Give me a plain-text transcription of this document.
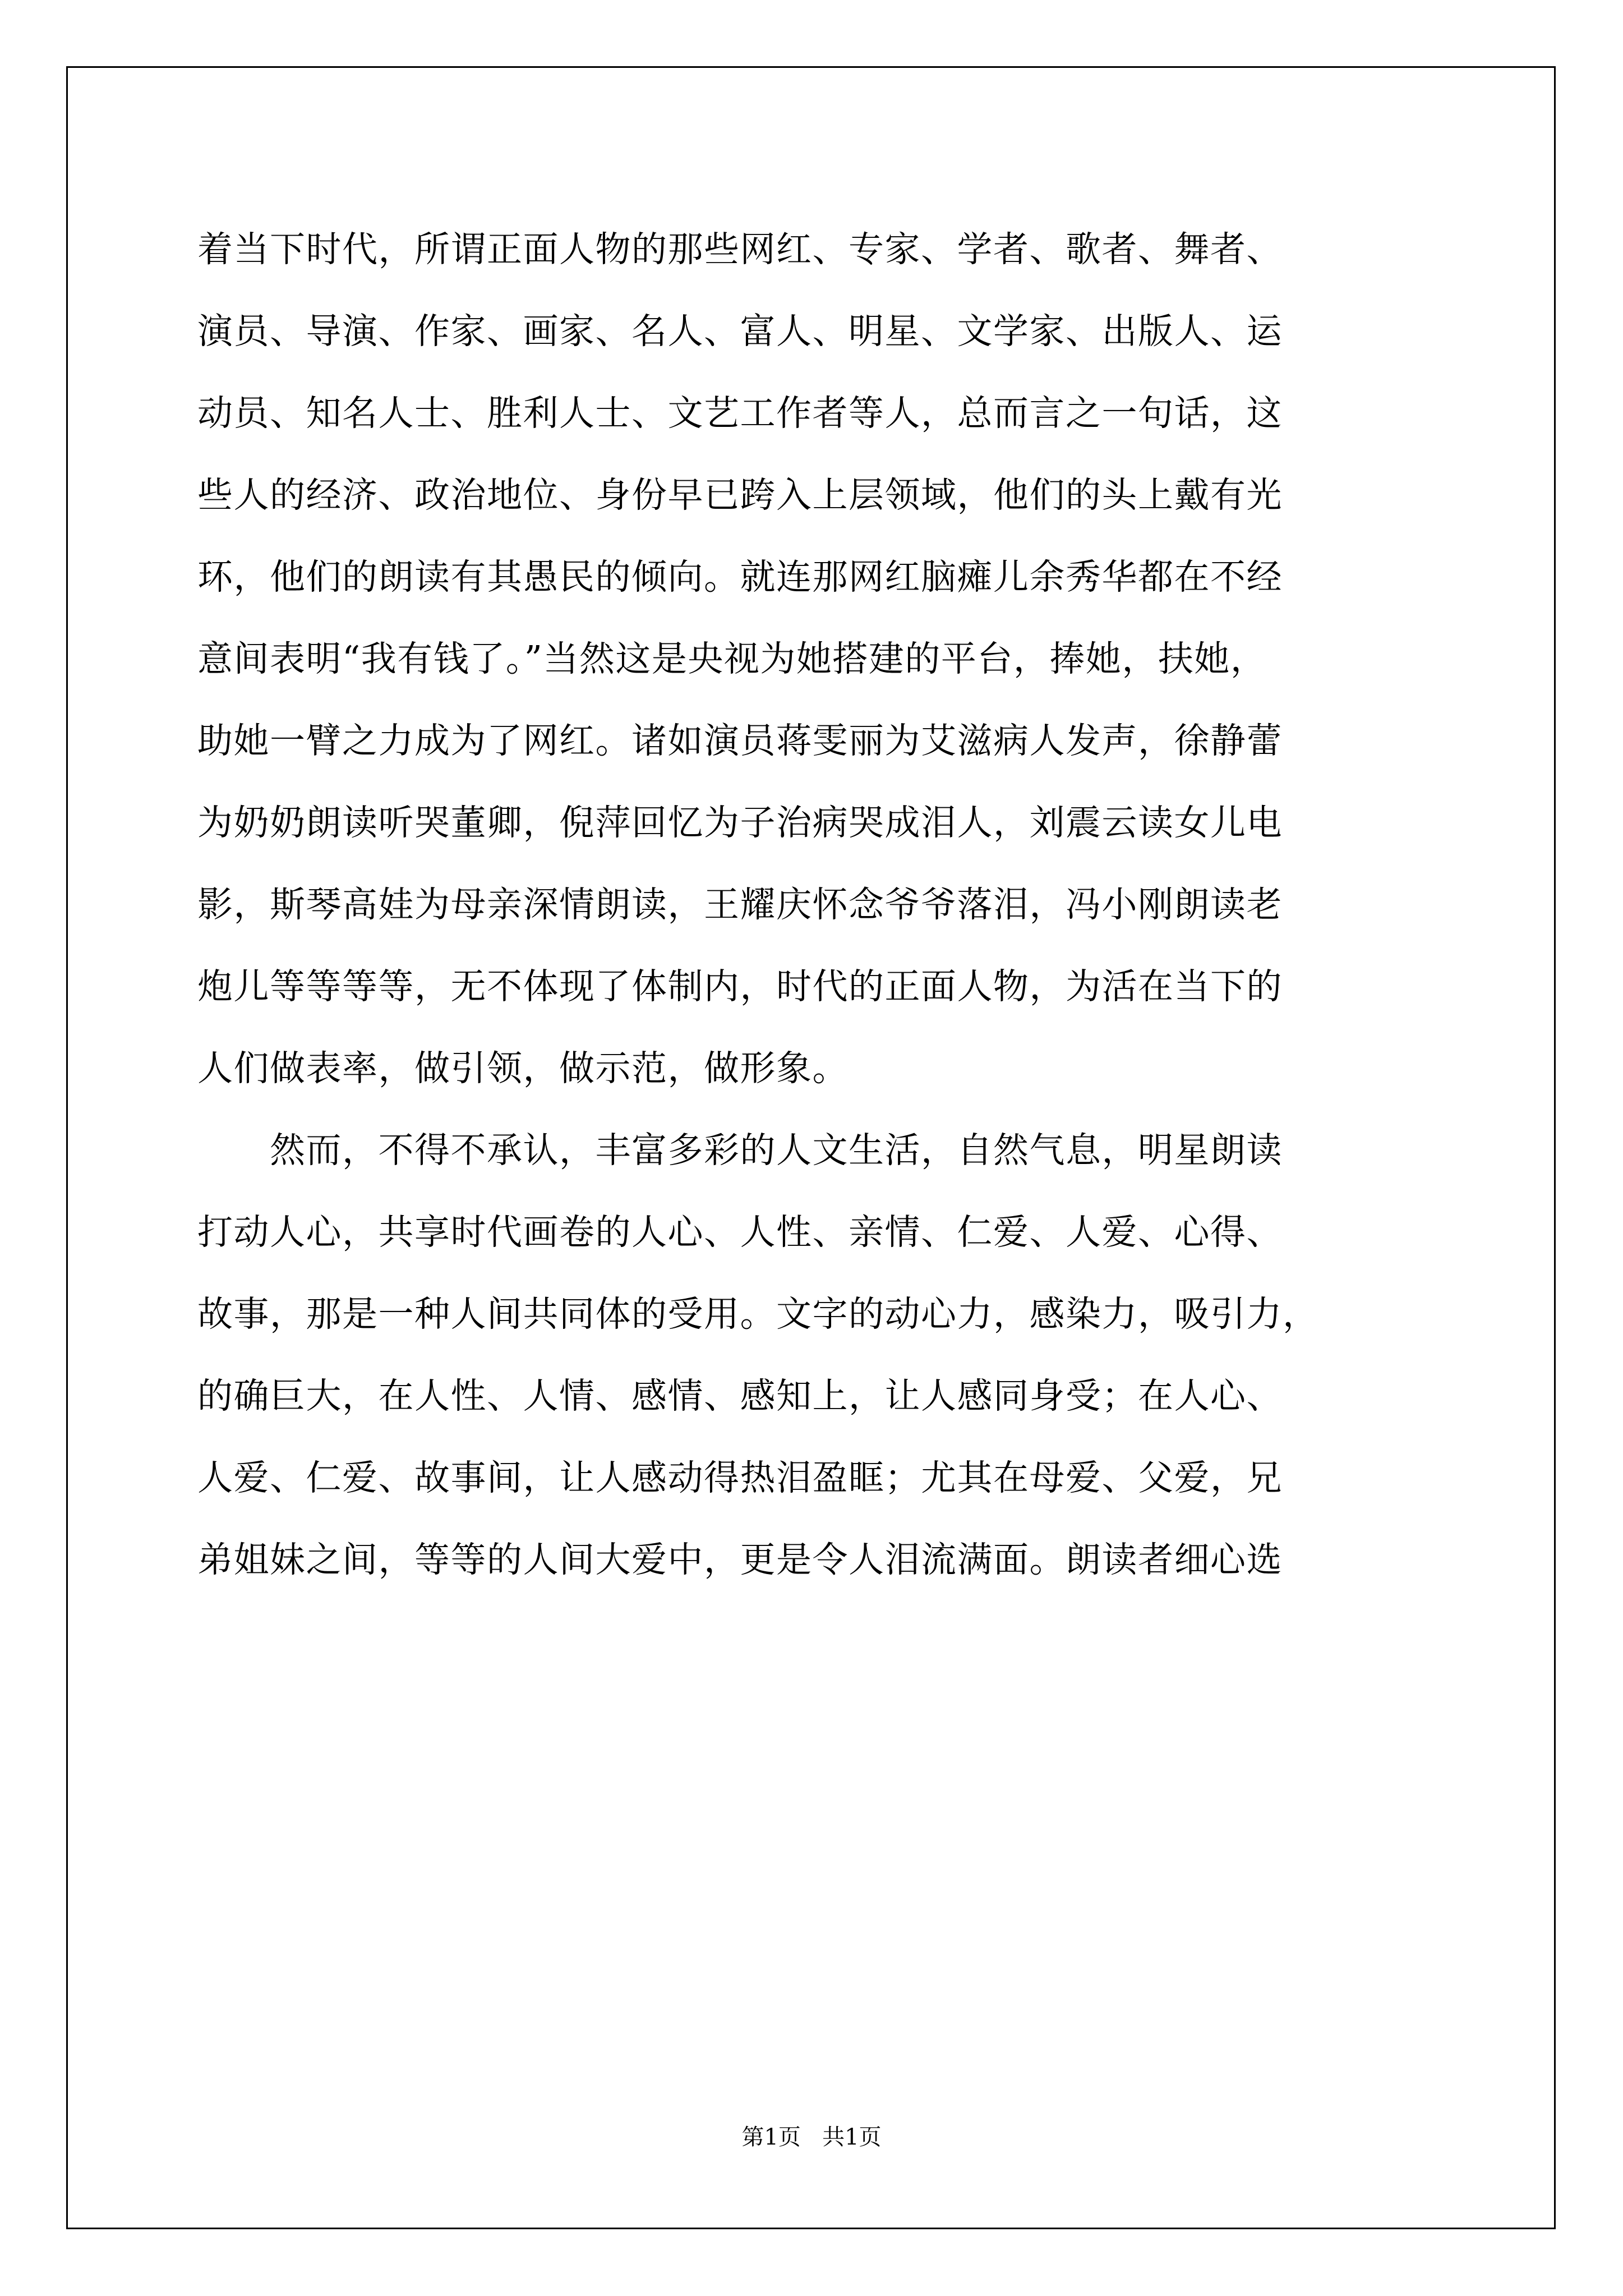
着当下时代，所谓正面人物的那些网红、专家、学者、歌者、舞者、
演员、导演、作家、画家、名人、富人、明星、文学家、出版人、运
动员、知名人士、胜利人士、文艺工作者等人，总而言之一句话，这
些人的经济、政治地位、身份早已跨入上层领域，他们的头上戴有光
环，他们的朗读有其愚民的倾向。就连那网红脑瘫儿余秀华都在不经
意间表明“我有钱了。”当然这是央视为她搭建的平台，捧她，扶她，
助她一臂之力成为了网红。诸如演员蒋雯丽为艾滋病人发声，徐静蕾
为奶奶朗读听哭董卿，倪萍回忆为子治病哭成泪人，刘震云读女儿电
影，斯琴高娃为母亲深情朗读，王耀庆怀念爷爷落泪，冯小刚朗读老
炮儿等等等等，无不体现了体制内，时代的正面人物，为活在当下的
人们做表率，做引领，做示范，做形象。
　　然而，不得不承认，丰富多彩的人文生活，自然气息，明星朗读
打动人心，共享时代画卷的人心、人性、亲情、仁爱、人爱、心得、
故事，那是一种人间共同体的受用。文字的动心力，感染力，吸引力，
的确巨大，在人性、人情、感情、感知上，让人感同身受；在人心、
人爱、仁爱、故事间，让人感动得热泪盈眶；尤其在母爱、父爱，兄
弟姐妹之间，等等的人间大爱中，更是令人泪流满面。朗读者细心选
第1页 共1页
